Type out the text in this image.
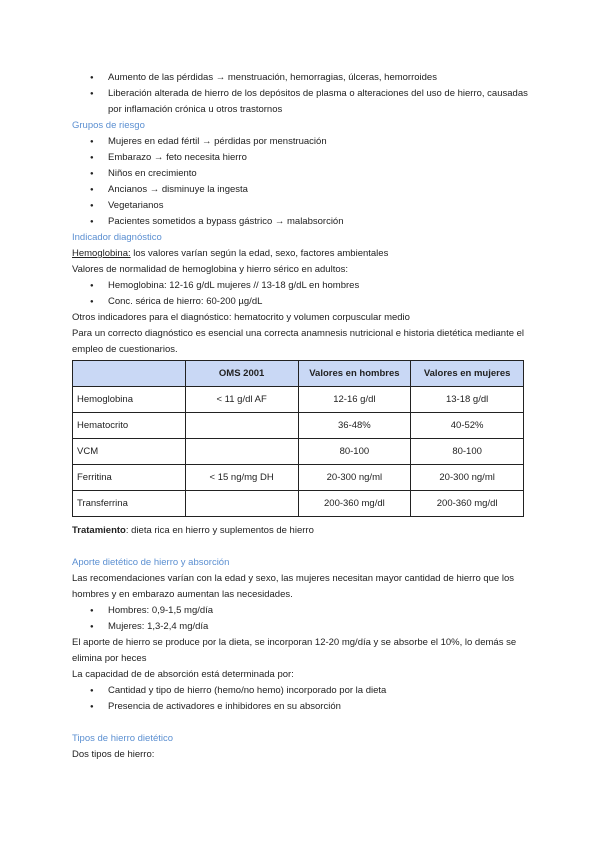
● Aumento de las pérdidas → menstruación, hemorragias, úlceras, hemorroides
● Liberación alterada de hierro de los depósitos de plasma o alteraciones del uso de hierro, causadas por inflamación crónica u otros trastornos

Grupos de riesgo

● Mujeres en edad fértil → pérdidas por menstruación
● Embarazo → feto necesita hierro
● Niños en crecimiento
● Ancianos → disminuye la ingesta
● Vegetarianos
● Pacientes sometidos a bypass gástrico → malabsorción

Indicador diagnóstico

Hemoglobina: los valores varían según la edad, sexo, factores ambientales

Valores de normalidad de hemoglobina y hierro sérico en adultos:

● Hemoglobina: 12-16 g/dL mujeres // 13-18 g/dL en hombres
● Conc. sérica de hierro: 60-200 µg/dL

Otros indicadores para el diagnóstico: hematocrito y volumen corpuscular medio

Para un correcto diagnóstico es esencial una correcta anamnesis nutricional e historia dietética mediante el empleo de cuestionarios.

	OMS 2001	Valores en hombres	Valores en mujeres
Hemoglobina	< 11 g/dl AF	12-16 g/dl	13-18 g/dl
Hematocrito		36-48%	40-52%
VCM		80-100	80-100
Ferritina	< 15 ng/mg DH	20-300 ng/ml	20-300 ng/ml
Transferrina		200-360 mg/dl	200-360 mg/dl

Tratamiento: dieta rica en hierro y suplementos de hierro

Aporte dietético de hierro y absorción

Las recomendaciones varían con la edad y sexo, las mujeres necesitan mayor cantidad de hierro que los hombres y en embarazo aumentan las necesidades.

● Hombres: 0,9-1,5 mg/día
● Mujeres: 1,3-2,4 mg/día

El aporte de hierro se produce por la dieta, se incorporan 12-20 mg/día y se absorbe el 10%, lo demás se elimina por heces

La capacidad de de absorción está determinada por:

● Cantidad y tipo de hierro (hemo/no hemo) incorporado por la dieta
● Presencia de activadores e inhibidores en su absorción

Tipos de hierro dietético

Dos tipos de hierro:
